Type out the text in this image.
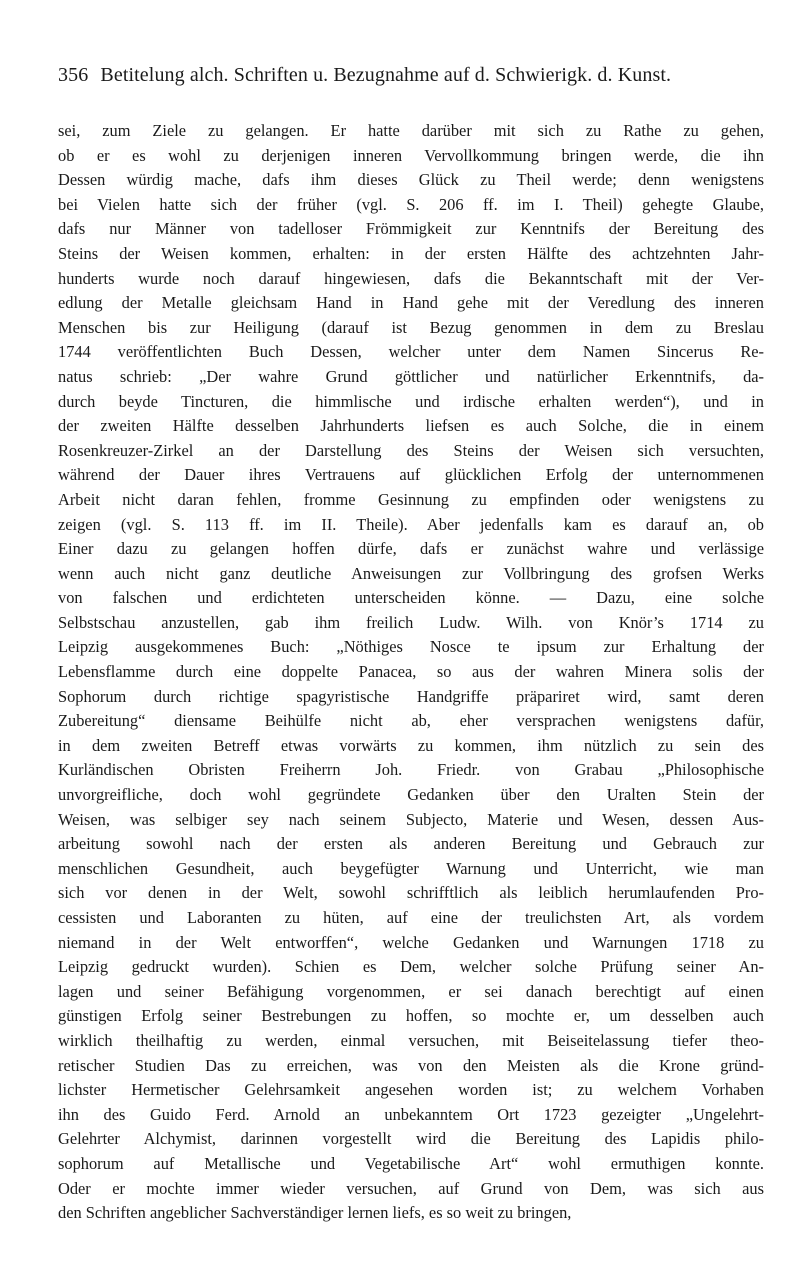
356 Betitelung alch. Schriften u. Bezugnahme auf d. Schwierigk. d. Kunst.
sei, zum Ziele zu gelangen. Er hatte darüber mit sich zu Rathe zu gehen,
ob er es wohl zu derjenigen inneren Vervollkommung bringen werde, die ihn
Dessen würdig mache, dafs ihm dieses Glück zu Theil werde; denn wenigstens
bei Vielen hatte sich der früher (vgl. S. 206 ff. im I. Theil) gehegte Glaube,
dafs nur Männer von tadelloser Frömmigkeit zur Kenntnifs der Bereitung des
Steins der Weisen kommen, erhalten: in der ersten Hälfte des achtzehnten Jahr-
hunderts wurde noch darauf hingewiesen, dafs die Bekanntschaft mit der Ver-
edlung der Metalle gleichsam Hand in Hand gehe mit der Veredlung des inneren
Menschen bis zur Heiligung (darauf ist Bezug genommen in dem zu Breslau
1744 veröffentlichten Buch Dessen, welcher unter dem Namen Sincerus Re-
natus schrieb: „Der wahre Grund göttlicher und natürlicher Erkenntnifs, da-
durch beyde Tincturen, die himmlische und irdische erhalten werden“), und in
der zweiten Hälfte desselben Jahrhunderts liefsen es auch Solche, die in einem
Rosenkreuzer-Zirkel an der Darstellung des Steins der Weisen sich versuchten,
während der Dauer ihres Vertrauens auf glücklichen Erfolg der unternommenen
Arbeit nicht daran fehlen, fromme Gesinnung zu empfinden oder wenigstens zu
zeigen (vgl. S. 113 ff. im II. Theile). Aber jedenfalls kam es darauf an, ob
Einer dazu zu gelangen hoffen dürfe, dafs er zunächst wahre und verlässige
wenn auch nicht ganz deutliche Anweisungen zur Vollbringung des grofsen Werks
von falschen und erdichteten unterscheiden könne. — Dazu, eine solche
Selbstschau anzustellen, gab ihm freilich Ludw. Wilh. von Knör’s 1714 zu
Leipzig ausgekommenes Buch: „Nöthiges Nosce te ipsum zur Erhaltung der
Lebensflamme durch eine doppelte Panacea, so aus der wahren Minera solis der
Sophorum durch richtige spagyristische Handgriffe präpariret wird, samt deren
Zubereitung“ diensame Beihülfe nicht ab, eher versprachen wenigstens dafür,
in dem zweiten Betreff etwas vorwärts zu kommen, ihm nützlich zu sein des
Kurländischen Obristen Freiherrn Joh. Friedr. von Grabau „Philosophische
unvorgreifliche, doch wohl gegründete Gedanken über den Uralten Stein der
Weisen, was selbiger sey nach seinem Subjecto, Materie und Wesen, dessen Aus-
arbeitung sowohl nach der ersten als anderen Bereitung und Gebrauch zur
menschlichen Gesundheit, auch beygefügter Warnung und Unterricht, wie man
sich vor denen in der Welt, sowohl schrifftlich als leiblich herumlaufenden Pro-
cessisten und Laboranten zu hüten, auf eine der treulichsten Art, als vordem
niemand in der Welt entworffen“, welche Gedanken und Warnungen 1718 zu
Leipzig gedruckt wurden). Schien es Dem, welcher solche Prüfung seiner An-
lagen und seiner Befähigung vorgenommen, er sei danach berechtigt auf einen
günstigen Erfolg seiner Bestrebungen zu hoffen, so mochte er, um desselben auch
wirklich theilhaftig zu werden, einmal versuchen, mit Beiseitelassung tiefer theo-
retischer Studien Das zu erreichen, was von den Meisten als die Krone gründ-
lichster Hermetischer Gelehrsamkeit angesehen worden ist; zu welchem Vorhaben
ihn des Guido Ferd. Arnold an unbekanntem Ort 1723 gezeigter „Ungelehrt-
Gelehrter Alchymist, darinnen vorgestellt wird die Bereitung des Lapidis philo-
sophorum auf Metallische und Vegetabilische Art“ wohl ermuthigen konnte.
Oder er mochte immer wieder versuchen, auf Grund von Dem, was sich aus
den Schriften angeblicher Sachverständiger lernen liefs, es so weit zu bringen,
